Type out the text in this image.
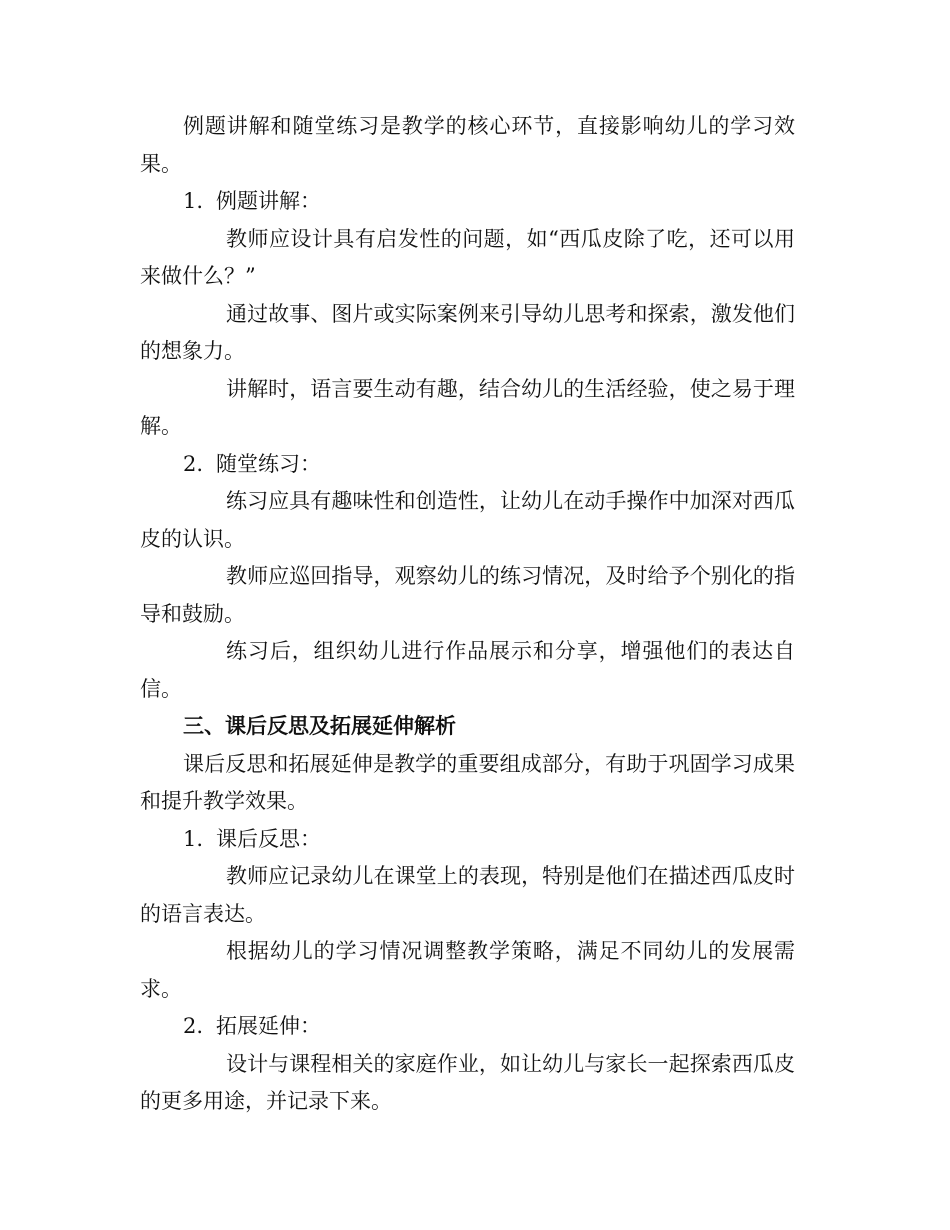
例题讲解和随堂练习是教学的核心环节，直接影响幼儿的学习效果。

1. 例题讲解：

教师应设计具有启发性的问题，如“西瓜皮除了吃，还可以用来做什么？”

通过故事、图片或实际案例来引导幼儿思考和探索，激发他们的想象力。

讲解时，语言要生动有趣，结合幼儿的生活经验，使之易于理解。

2. 随堂练习：

练习应具有趣味性和创造性，让幼儿在动手操作中加深对西瓜皮的认识。

教师应巡回指导，观察幼儿的练习情况，及时给予个别化的指导和鼓励。

练习后，组织幼儿进行作品展示和分享，增强他们的表达自信。

三、课后反思及拓展延伸解析

课后反思和拓展延伸是教学的重要组成部分，有助于巩固学习成果和提升教学效果。

1. 课后反思：

教师应记录幼儿在课堂上的表现，特别是他们在描述西瓜皮时的语言表达。

根据幼儿的学习情况调整教学策略，满足不同幼儿的发展需求。

2. 拓展延伸：

设计与课程相关的家庭作业，如让幼儿与家长一起探索西瓜皮的更多用途，并记录下来。
